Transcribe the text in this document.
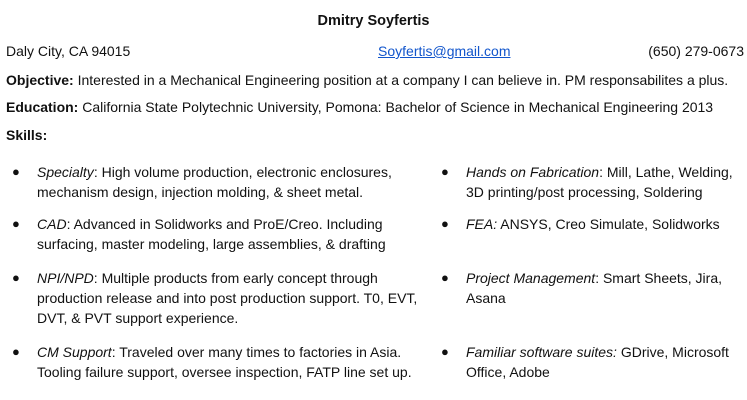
Dmitry Soyfertis
Daly City, CA 94015	Soyfertis@gmail.com	(650) 279-0673
Objective: Interested in a Mechanical Engineering position at a company I can believe in. PM responsabilites a plus.
Education: California State Polytechnic University, Pomona: Bachelor of Science in Mechanical Engineering 2013
Skills:
●	Specialty: High volume production, electronic enclosures,
mechanism design, injection molding, & sheet metal.
●	CAD: Advanced in Solidworks and ProE/Creo. Including
surfacing, master modeling, large assemblies, & drafting
●	NPI/NPD: Multiple products from early concept through
production release and into post production support. T0, EVT,
DVT, & PVT support experience.
●	CM Support: Traveled over many times to factories in Asia.
Tooling failure support, oversee inspection, FATP line set up.
●	Hands on Fabrication: Mill, Lathe, Welding,
3D printing/post processing, Soldering
●	FEA: ANSYS, Creo Simulate, Solidworks
●	Project Management: Smart Sheets, Jira,
Asana
●	Familiar software suites: GDrive, Microsoft
Office, Adobe
